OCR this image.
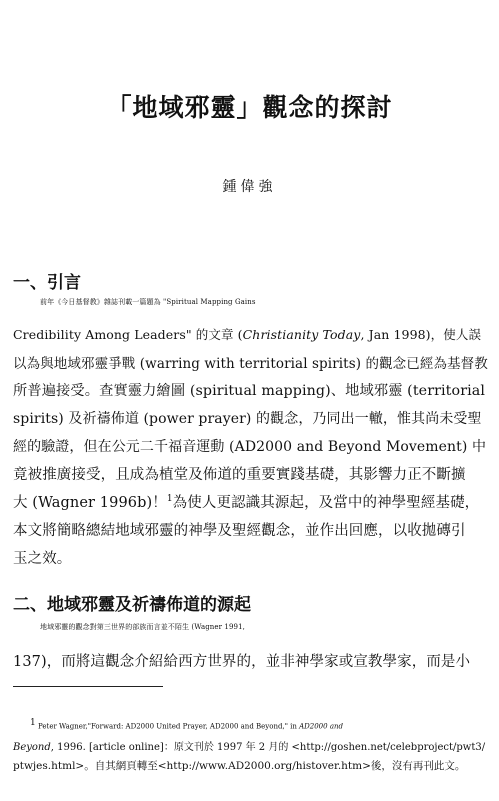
「地域邪靈」觀念的探討
鍾偉強
一、引言
前年《今日基督教》雜誌刊載一篇題為 "Spiritual Mapping Gains
Credibility Among Leaders" 的文章 (Christianity Today, Jan 1998)，使人誤
以為與地域邪靈爭戰 (warring with territorial spirits) 的觀念已經為基督教
所普遍接受。查實靈力繪圖 (spiritual mapping)、地域邪靈 (territorial
spirits) 及祈禱佈道 (power prayer) 的觀念，乃同出一轍，惟其尚未受聖
經的驗證，但在公元二千福音運動 (AD2000 and Beyond Movement) 中
竟被推廣接受，且成為植堂及佈道的重要實踐基礎，其影響力正不斷擴
大 (Wagner 1996b)！$^1$為使人更認識其源起，及當中的神學聖經基礎，
本文將簡略總結地域邪靈的神學及聖經觀念，並作出回應，以收拋磚引
玉之效。
二、地域邪靈及祈禱佈道的源起
地域邪靈的觀念對第三世界的部族而言並不陌生 (Wagner 1991,
137)，而將這觀念介紹給西方世界的，並非神學家或宣教學家，而是小
1 Peter Wagner,"Forward: AD2000 United Prayer, AD2000 and Beyond," in AD2000 and
Beyond, 1996. [article online]：原文刊於 1997 年 2 月的 <http://goshen.net/celebproject/pwt3/
ptwjes.html>。自其網頁轉至<http://www.AD2000.org/histover.htm>後，沒有再刊此文。
